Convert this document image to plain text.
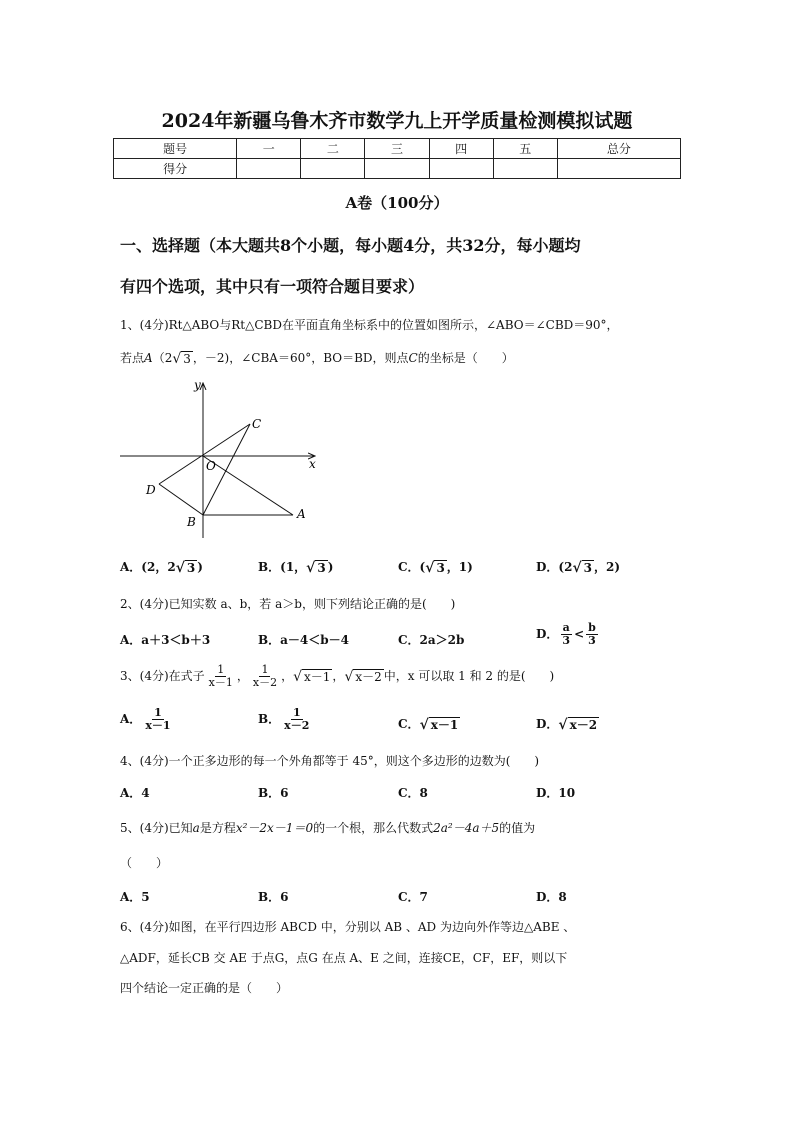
2024年新疆乌鲁木齐市数学九上开学质量检测模拟试题
题号	一	二	三	四	五	总分
得分						
A卷（100分）
一、选择题（本大题共8个小题，每小题4分，共32分，每小题均
有四个选项，其中只有一项符合题目要求）
1、(4分)Rt△ABO与Rt△CBD在平面直角坐标系中的位置如图所示，∠ABO＝∠CBD＝90°，
若点A（2√ 3 ，－2)，∠CBA＝60°，BO＝BD，则点C的坐标是（　　）
y
x
C
O
D
B
A
A．(2，2√ 3 )	B．(1，√ 3 )	C．(√ 3 ，1)	D．(2√ 3 ，2)
2、(4分)已知实数 a、b，若 a＞b，则下列结论正确的是(　　)
A．a＋3＜b＋3	B．a－4＜b－4	C．2a＞2b	D． $\frac{a}{3} < \frac{b}{3}$
3、(4分)在式子 $\frac{1}{x-1}$ ， $\frac{1}{x-2}$ ，√ x－1 ，√ x－2 中，x 可以取 1 和 2 的是(　　)
A． $\frac{1}{x-1}$	B． $\frac{1}{x-2}$	C．√ x－1	D．√ x－2
4、(4分)一个正多边形的每一个外角都等于 45°，则这个多边形的边数为(　　)
A．4	B．6	C．8	D．10
5、(4分)已知a是方程x²－2x－1＝0的一个根，那么代数式2a²－4a＋5的值为
（　　）
A．5	B．6	C．7	D．8
6、(4分)如图，在平行四边形 ABCD 中，分别以 AB 、AD 为边向外作等边△ABE 、
△ADF，延长CB 交 AE 于点G，点G 在点 A、E 之间，连接CE，CF，EF，则以下
四个结论一定正确的是（　　）
